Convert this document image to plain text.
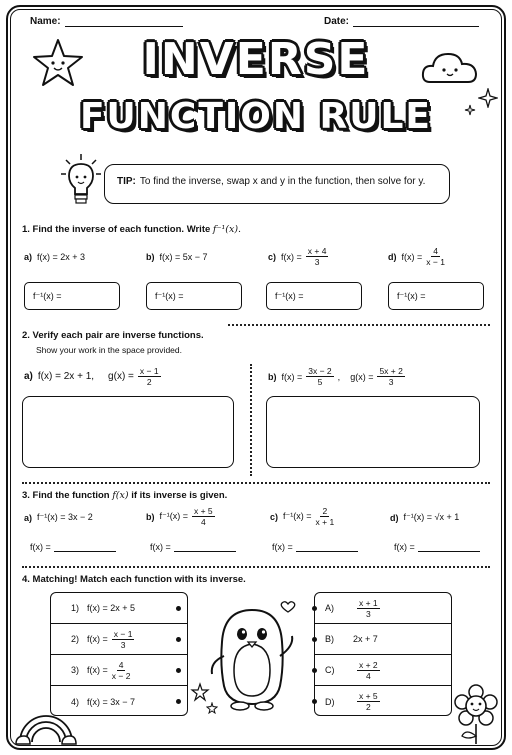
Name:	Date:
INVERSE
FUNCTION RULE
TIP: To find the inverse, swap x and y in the function, then solve for y.
1. Find the inverse of each function. Write f⁻¹(x).
a) f(x) = 2x + 3	b) f(x) = 5x − 7	c) $f(x) = \frac{x + 4}{3}$	d) $f(x) = \frac{4}{x - 1}$
f⁻¹(x) =	f⁻¹(x) =	f⁻¹(x) =	f⁻¹(x) =
2. Verify each pair are inverse functions.
Show your work in the space provided.
a) f(x) = 2x + 1, $g(x) = \frac{x - 1}{2}$	b) $f(x) = \frac{3x - 2}{5}$ , $g(x) = \frac{5x + 2}{3}$
3. Find the function f(x) if its inverse is given.
a) f⁻¹(x) = 3x − 2	b) $f^{-1}(x) = \frac{x + 5}{4}$	c) $f^{-1}(x) = \frac{2}{x + 1}$	d) f⁻¹(x) = √x + 1
f(x) =	f(x) =	f(x) =	f(x) =
4. Matching! Match each function with its inverse.
1) f(x) = 2x + 5
2) $f(x) = \frac{x - 1}{3}$
3) $f(x) = \frac{4}{x - 2}$
4) f(x) = 3x − 7
A)	$\frac{x + 1}{3}$
B)	2x + 7
C)	$\frac{x + 2}{4}$
D)	$\frac{x + 5}{2}$
